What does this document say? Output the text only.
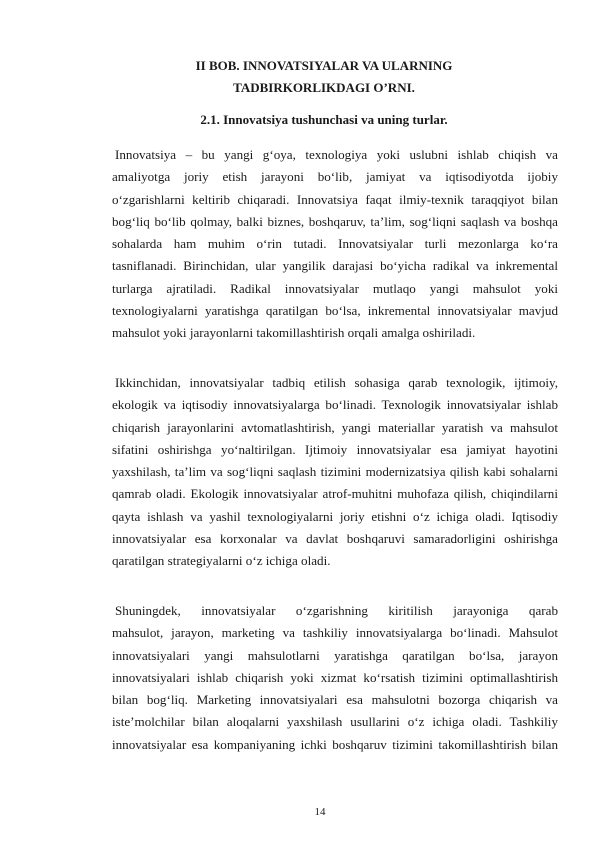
II BOB. INNOVATSIYALAR VA ULARNING
TADBIRKORLIKDAGI O’RNI.
2.1. Innovatsiya tushunchasi va uning turlar.
Innovatsiya – bu yangi g‘oya, texnologiya yoki uslubni ishlab chiqish va
amaliyotga joriy etish jarayoni bo‘lib, jamiyat va iqtisodiyotda ijobiy
o‘zgarishlarni keltirib chiqaradi. Innovatsiya faqat ilmiy-texnik taraqqiyot bilan
bog‘liq bo‘lib qolmay, balki biznes, boshqaruv, ta’lim, sog‘liqni saqlash va boshqa
sohalarda ham muhim o‘rin tutadi. Innovatsiyalar turli mezonlarga ko‘ra
tasniflanadi. Birinchidan, ular yangilik darajasi bo‘yicha radikal va inkremental
turlarga ajratiladi. Radikal innovatsiyalar mutlaqo yangi mahsulot yoki
texnologiyalarni yaratishga qaratilgan bo‘lsa, inkremental innovatsiyalar mavjud
mahsulot yoki jarayonlarni takomillashtirish orqali amalga oshiriladi.
Ikkinchidan, innovatsiyalar tadbiq etilish sohasiga qarab texnologik, ijtimoiy,
ekologik va iqtisodiy innovatsiyalarga bo‘linadi. Texnologik innovatsiyalar ishlab
chiqarish jarayonlarini avtomatlashtirish, yangi materiallar yaratish va mahsulot
sifatini oshirishga yo‘naltirilgan. Ijtimoiy innovatsiyalar esa jamiyat hayotini
yaxshilash, ta’lim va sog‘liqni saqlash tizimini modernizatsiya qilish kabi sohalarni
qamrab oladi. Ekologik innovatsiyalar atrof-muhitni muhofaza qilish, chiqindilarni
qayta ishlash va yashil texnologiyalarni joriy etishni o‘z ichiga oladi. Iqtisodiy
innovatsiyalar esa korxonalar va davlat boshqaruvi samaradorligini oshirishga
qaratilgan strategiyalarni o‘z ichiga oladi.
Shuningdek, innovatsiyalar o‘zgarishning kiritilish jarayoniga qarab
mahsulot, jarayon, marketing va tashkiliy innovatsiyalarga bo‘linadi. Mahsulot
innovatsiyalari yangi mahsulotlarni yaratishga qaratilgan bo‘lsa, jarayon
innovatsiyalari ishlab chiqarish yoki xizmat ko‘rsatish tizimini optimallashtirish
bilan bog‘liq. Marketing innovatsiyalari esa mahsulotni bozorga chiqarish va
iste’molchilar bilan aloqalarni yaxshilash usullarini o‘z ichiga oladi. Tashkiliy
innovatsiyalar esa kompaniyaning ichki boshqaruv tizimini takomillashtirish bilan
14
